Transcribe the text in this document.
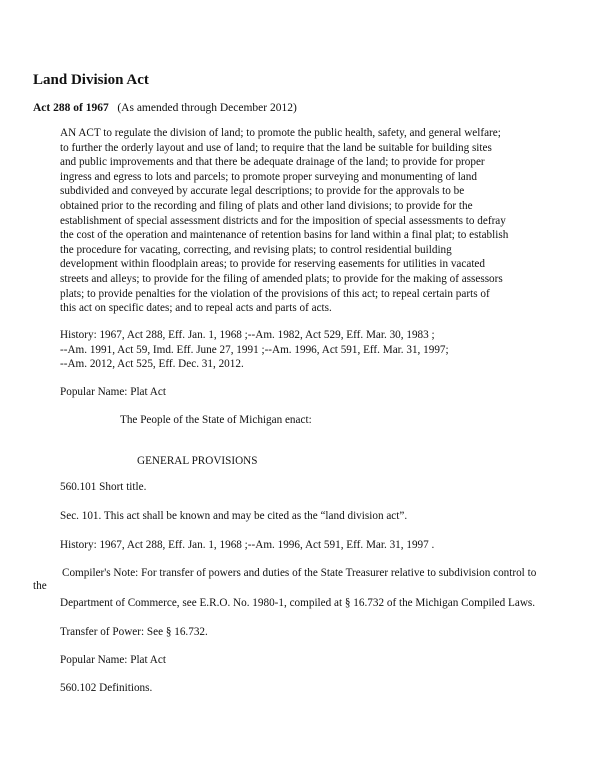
Land Division Act
Act 288 of 1967 (As amended through December 2012)
AN ACT to regulate the division of land; to promote the public health, safety, and general welfare;
to further the orderly layout and use of land; to require that the land be suitable for building sites
and public improvements and that there be adequate drainage of the land; to provide for proper
ingress and egress to lots and parcels; to promote proper surveying and monumenting of land
subdivided and conveyed by accurate legal descriptions; to provide for the approvals to be
obtained prior to the recording and filing of plats and other land divisions; to provide for the
establishment of special assessment districts and for the imposition of special assessments to defray
the cost of the operation and maintenance of retention basins for land within a final plat; to establish
the procedure for vacating, correcting, and revising plats; to control residential building
development within floodplain areas; to provide for reserving easements for utilities in vacated
streets and alleys; to provide for the filing of amended plats; to provide for the making of assessors
plats; to provide penalties for the violation of the provisions of this act; to repeal certain parts of
this act on specific dates; and to repeal acts and parts of acts.
History: 1967, Act 288, Eff. Jan. 1, 1968 ;--Am. 1982, Act 529, Eff. Mar. 30, 1983 ;
--Am. 1991, Act 59, Imd. Eff. June 27, 1991 ;--Am. 1996, Act 591, Eff. Mar. 31, 1997;
--Am. 2012, Act 525, Eff. Dec. 31, 2012.
Popular Name: Plat Act
The People of the State of Michigan enact:
GENERAL PROVISIONS
560.101 Short title.
Sec. 101. This act shall be known and may be cited as the “land division act”.
History: 1967, Act 288, Eff. Jan. 1, 1968 ;--Am. 1996, Act 591, Eff. Mar. 31, 1997 .
Compiler's Note: For transfer of powers and duties of the State Treasurer relative to subdivision control to
the
Department of Commerce, see E.R.O. No. 1980-1, compiled at § 16.732 of the Michigan Compiled Laws.
Transfer of Power: See § 16.732.
Popular Name: Plat Act
560.102 Definitions.
